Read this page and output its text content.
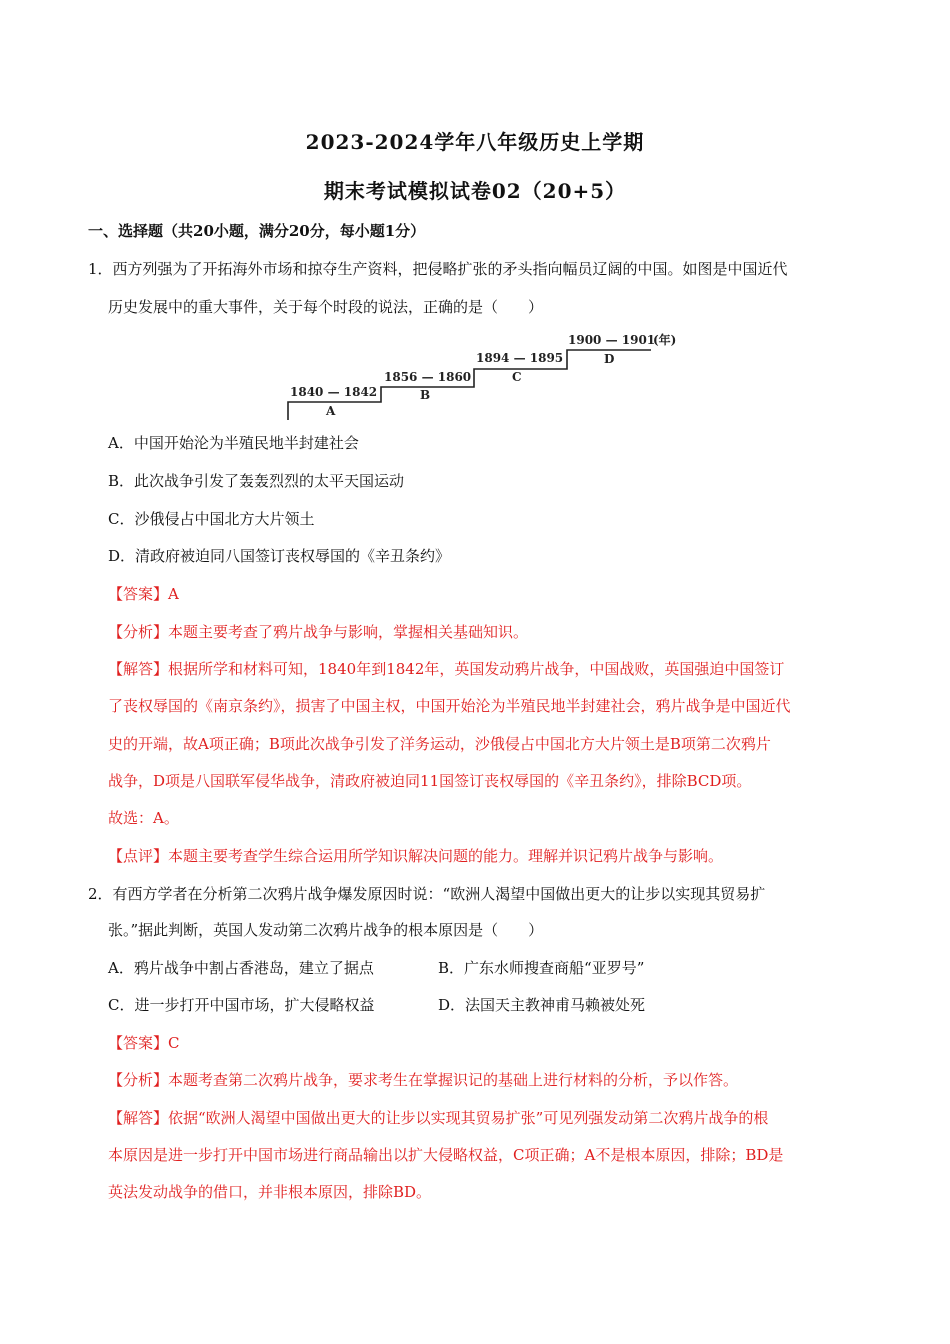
2023-2024学年八年级历史上学期
期末考试模拟试卷02（20+5）
一、选择题（共20小题，满分20分，每小题1分）
1．西方列强为了开拓海外市场和掠夺生产资料，把侵略扩张的矛头指向幅员辽阔的中国。如图是中国近代
历史发展中的重大事件，关于每个时段的说法，正确的是（　　）
1840 — 1842
A
1856 — 1860
B
1894 — 1895
C
1900 — 1901
D
(年)
A．中国开始沦为半殖民地半封建社会
B．此次战争引发了轰轰烈烈的太平天国运动
C．沙俄侵占中国北方大片领土
D．清政府被迫同八国签订丧权辱国的《辛丑条约》
【答案】A
【分析】本题主要考查了鸦片战争与影响，掌握相关基础知识。
【解答】根据所学和材料可知，1840年到1842年，英国发动鸦片战争，中国战败，英国强迫中国签订
了丧权辱国的《南京条约》，损害了中国主权，中国开始沦为半殖民地半封建社会，鸦片战争是中国近代
史的开端，故A项正确；B项此次战争引发了洋务运动，沙俄侵占中国北方大片领土是B项第二次鸦片
战争，D项是八国联军侵华战争，清政府被迫同11国签订丧权辱国的《辛丑条约》，排除BCD项。
故选：A。
【点评】本题主要考查学生综合运用所学知识解决问题的能力。理解并识记鸦片战争与影响。
2．有西方学者在分析第二次鸦片战争爆发原因时说：“欧洲人渴望中国做出更大的让步以实现其贸易扩
张。”据此判断，英国人发动第二次鸦片战争的根本原因是（　　）
A．鸦片战争中割占香港岛，建立了据点	B．广东水师搜查商船“亚罗号”
C．进一步打开中国市场，扩大侵略权益	D．法国天主教神甫马赖被处死
【答案】C
【分析】本题考查第二次鸦片战争，要求考生在掌握识记的基础上进行材料的分析，予以作答。
【解答】依据“欧洲人渴望中国做出更大的让步以实现其贸易扩张”可见列强发动第二次鸦片战争的根
本原因是进一步打开中国市场进行商品输出以扩大侵略权益，C项正确；A不是根本原因，排除；BD是
英法发动战争的借口，并非根本原因，排除BD。
